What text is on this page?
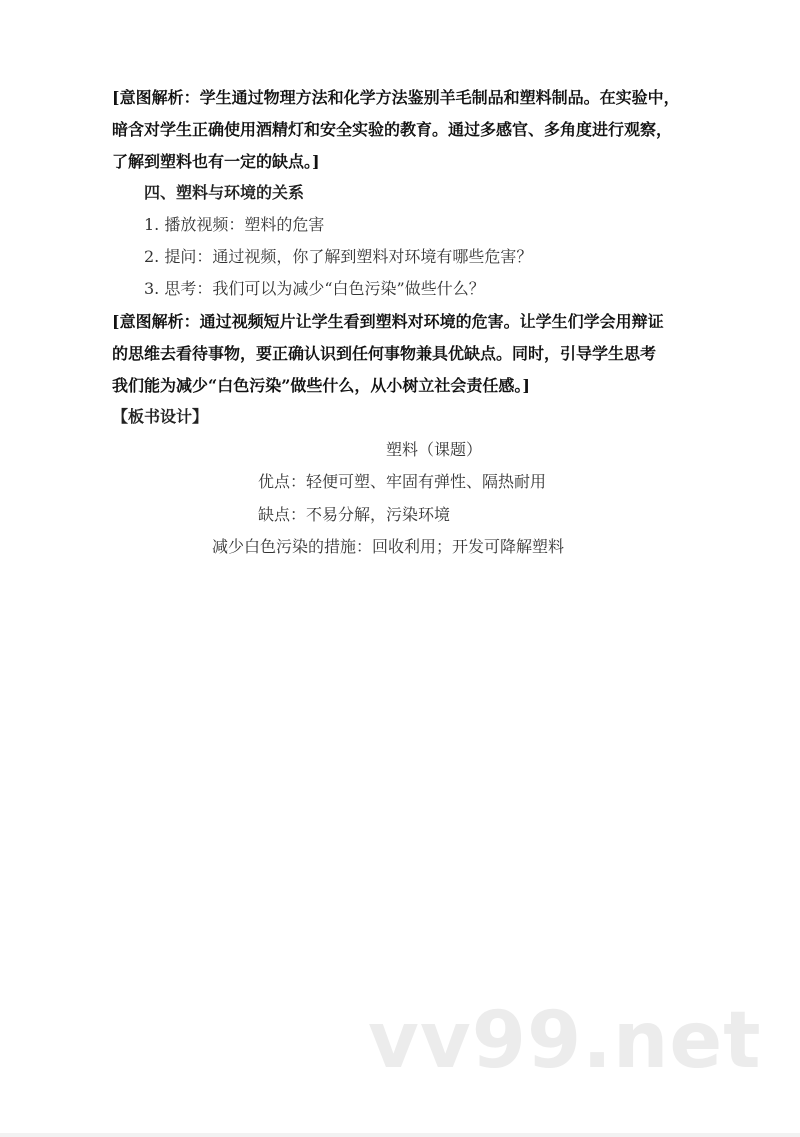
[意图解析：学生通过物理方法和化学方法鉴别羊毛制品和塑料制品。在实验中，
暗含对学生正确使用酒精灯和安全实验的教育。通过多感官、多角度进行观察，
了解到塑料也有一定的缺点。]
四、塑料与环境的关系
1. 播放视频：塑料的危害
2. 提问：通过视频，你了解到塑料对环境有哪些危害？
3. 思考：我们可以为减少“白色污染”做些什么？
[意图解析：通过视频短片让学生看到塑料对环境的危害。让学生们学会用辩证
的思维去看待事物，要正确认识到任何事物兼具优缺点。同时，引导学生思考
我们能为减少“白色污染”做些什么，从小树立社会责任感。]
【板书设计】
塑料（课题）
优点：轻便可塑、牢固有弹性、隔热耐用
缺点：不易分解，污染环境
减少白色污染的措施：回收利用；开发可降解塑料
vv99.net
